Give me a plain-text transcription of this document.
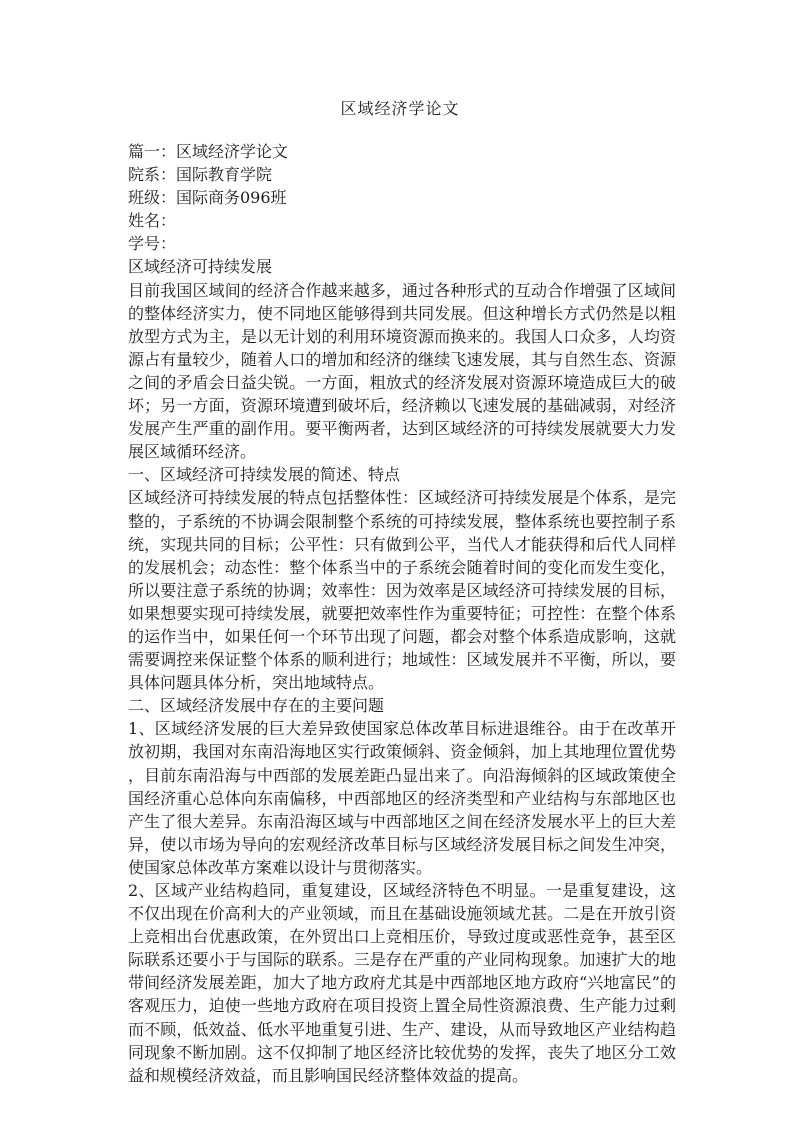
区域经济学论文
篇一：区域经济学论文
院系：国际教育学院
班级：国际商务096班
姓名：
学号：
区域经济可持续发展
目前我国区域间的经济合作越来越多，通过各种形式的互动合作增强了区域间
的整体经济实力，使不同地区能够得到共同发展。但这种增长方式仍然是以粗
放型方式为主，是以无计划的利用环境资源而换来的。我国人口众多，人均资
源占有量较少，随着人口的增加和经济的继续飞速发展，其与自然生态、资源
之间的矛盾会日益尖锐。一方面，粗放式的经济发展对资源环境造成巨大的破
坏；另一方面，资源环境遭到破坏后，经济赖以飞速发展的基础减弱，对经济
发展产生严重的副作用。要平衡两者，达到区域经济的可持续发展就要大力发
展区域循环经济。
一、区域经济可持续发展的简述、特点
区域经济可持续发展的特点包括整体性：区域经济可持续发展是个体系，是完
整的，子系统的不协调会限制整个系统的可持续发展，整体系统也要控制子系
统，实现共同的目标；公平性：只有做到公平，当代人才能获得和后代人同样
的发展机会；动态性：整个体系当中的子系统会随着时间的变化而发生变化，
所以要注意子系统的协调；效率性：因为效率是区域经济可持续发展的目标，
如果想要实现可持续发展，就要把效率性作为重要特征；可控性：在整个体系
的运作当中，如果任何一个环节出现了问题，都会对整个体系造成影响，这就
需要调控来保证整个体系的顺利进行；地域性：区域发展并不平衡，所以，要
具体问题具体分析，突出地域特点。
二、区域经济发展中存在的主要问题
1、区域经济发展的巨大差异致使国家总体改革目标进退维谷。由于在改革开
放初期，我国对东南沿海地区实行政策倾斜、资金倾斜，加上其地理位置优势
，目前东南沿海与中西部的发展差距凸显出来了。向沿海倾斜的区域政策使全
国经济重心总体向东南偏移，中西部地区的经济类型和产业结构与东部地区也
产生了很大差异。东南沿海区域与中西部地区之间在经济发展水平上的巨大差
异，使以市场为导向的宏观经济改革目标与区域经济发展目标之间发生冲突，
使国家总体改革方案难以设计与贯彻落实。
2、区域产业结构趋同，重复建设，区域经济特色不明显。一是重复建设，这
不仅出现在价高利大的产业领域，而且在基础设施领域尤甚。二是在开放引资
上竞相出台优惠政策，在外贸出口上竞相压价，导致过度或恶性竞争，甚至区
际联系还要小于与国际的联系。三是存在严重的产业同构现象。加速扩大的地
带间经济发展差距，加大了地方政府尤其是中西部地区地方政府“兴地富民”的
客观压力，迫使一些地方政府在项目投资上置全局性资源浪费、生产能力过剩
而不顾，低效益、低水平地重复引进、生产、建设，从而导致地区产业结构趋
同现象不断加剧。这不仅抑制了地区经济比较优势的发挥，丧失了地区分工效
益和规模经济效益，而且影响国民经济整体效益的提高。
